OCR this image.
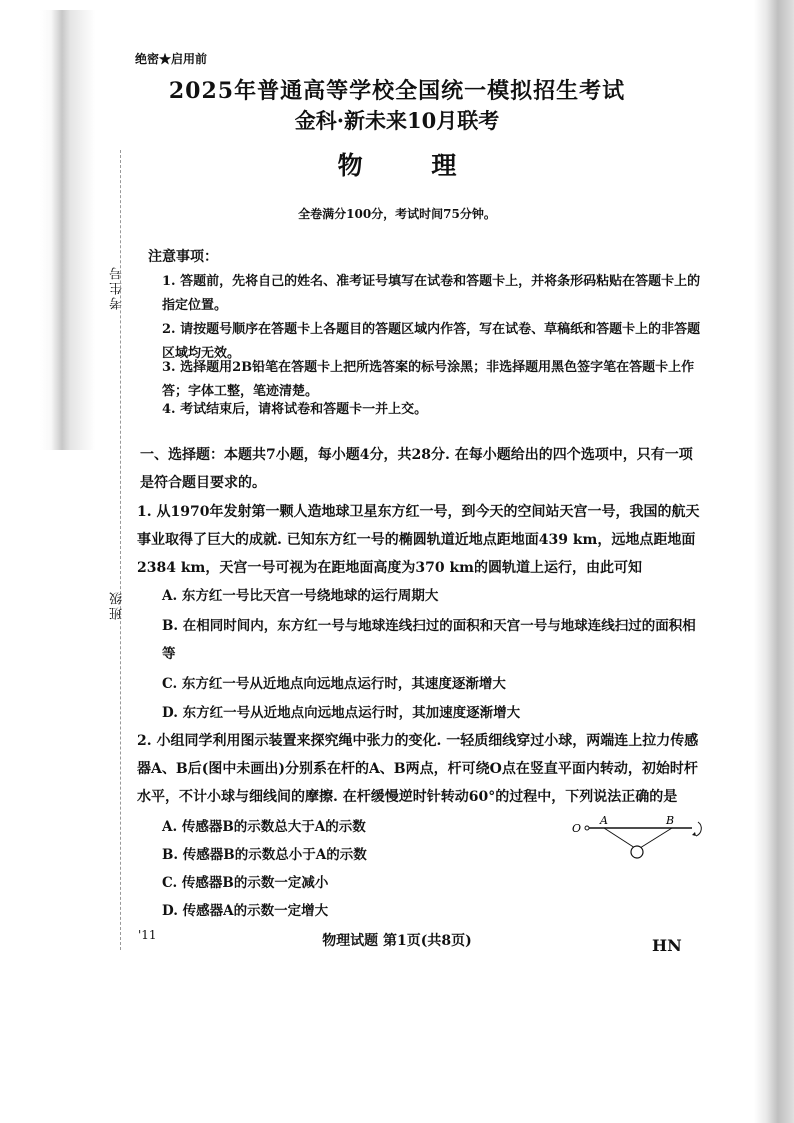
考生号
班级
绝密★启用前
2025年普通高等学校全国统一模拟招生考试
金科·新未来10月联考
物 理
全卷满分100分，考试时间75分钟。
注意事项：
1. 答题前，先将自己的姓名、准考证号填写在试卷和答题卡上，并将条形码粘贴在答题卡上的指定位置。
2. 请按题号顺序在答题卡上各题目的答题区域内作答，写在试卷、草稿纸和答题卡上的非答题区域均无效。
3. 选择题用2B铅笔在答题卡上把所选答案的标号涂黑；非选择题用黑色签字笔在答题卡上作答；字体工整，笔迹清楚。
4. 考试结束后，请将试卷和答题卡一并上交。
一、选择题：本题共7小题，每小题4分，共28分. 在每小题给出的四个选项中，只有一项是符合题目要求的。
1. 从1970年发射第一颗人造地球卫星东方红一号，到今天的空间站天宫一号，我国的航天事业取得了巨大的成就. 已知东方红一号的椭圆轨道近地点距地面439 km，远地点距地面2384 km，天宫一号可视为在距地面高度为370 km的圆轨道上运行，由此可知
A. 东方红一号比天宫一号绕地球的运行周期大
B. 在相同时间内，东方红一号与地球连线扫过的面积和天宫一号与地球连线扫过的面积相等
C. 东方红一号从近地点向远地点运行时，其速度逐渐增大
D. 东方红一号从近地点向远地点运行时，其加速度逐渐增大
2. 小组同学利用图示装置来探究绳中张力的变化. 一轻质细线穿过小球，两端连上拉力传感器A、B后(图中未画出)分别系在杆的A、B两点，杆可绕O点在竖直平面内转动，初始时杆水平，不计小球与细线间的摩擦. 在杆缓慢逆时针转动60°的过程中，下列说法正确的是
A. 传感器B的示数总大于A的示数
B. 传感器B的示数总小于A的示数
C. 传感器B的示数一定减小
D. 传感器A的示数一定增大
O
A	B
'11	物理试题 第1页(共8页)	HN
